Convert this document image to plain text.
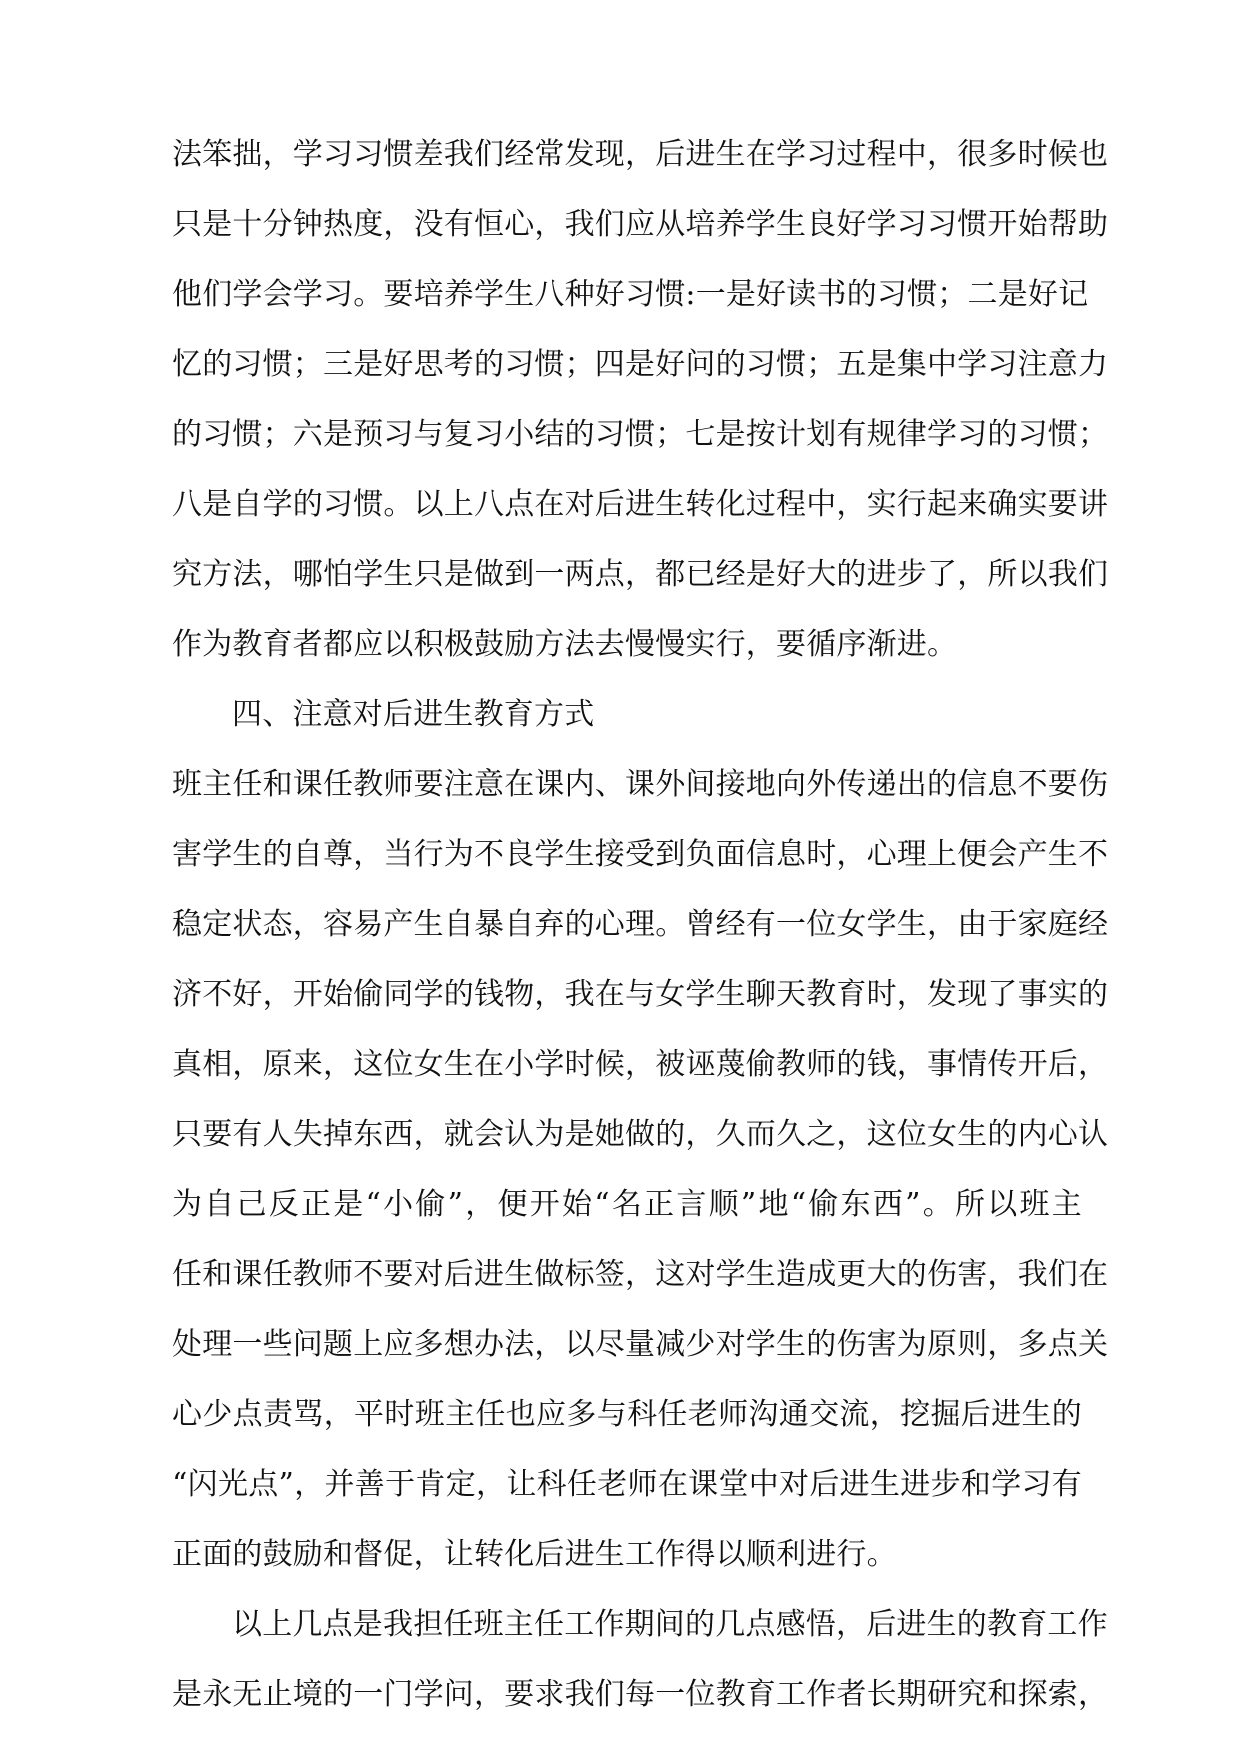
法笨拙，学习习惯差我们经常发现，后进生在学习过程中，很多时候也
只是十分钟热度，没有恒心，我们应从培养学生良好学习习惯开始帮助
他们学会学习。要培养学生八种好习惯:一是好读书的习惯；二是好记
忆的习惯；三是好思考的习惯；四是好问的习惯；五是集中学习注意力
的习惯；六是预习与复习小结的习惯；七是按计划有规律学习的习惯；
八是自学的习惯。以上八点在对后进生转化过程中，实行起来确实要讲
究方法，哪怕学生只是做到一两点，都已经是好大的进步了，所以我们
作为教育者都应以积极鼓励方法去慢慢实行，要循序渐进。
四、注意对后进生教育方式
班主任和课任教师要注意在课内、课外间接地向外传递出的信息不要伤
害学生的自尊，当行为不良学生接受到负面信息时，心理上便会产生不
稳定状态，容易产生自暴自弃的心理。曾经有一位女学生，由于家庭经
济不好，开始偷同学的钱物，我在与女学生聊天教育时，发现了事实的
真相，原来，这位女生在小学时候，被诬蔑偷教师的钱，事情传开后，
只要有人失掉东西，就会认为是她做的，久而久之，这位女生的内心认
为自己反正是“小偷”，便开始“名正言顺”地“偷东西”。所以班主
任和课任教师不要对后进生做标签，这对学生造成更大的伤害，我们在
处理一些问题上应多想办法，以尽量减少对学生的伤害为原则，多点关
心少点责骂，平时班主任也应多与科任老师沟通交流，挖掘后进生的
“闪光点”，并善于肯定，让科任老师在课堂中对后进生进步和学习有
正面的鼓励和督促，让转化后进生工作得以顺利进行。
以上几点是我担任班主任工作期间的几点感悟，后进生的教育工作
是永无止境的一门学问，要求我们每一位教育工作者长期研究和探索，
